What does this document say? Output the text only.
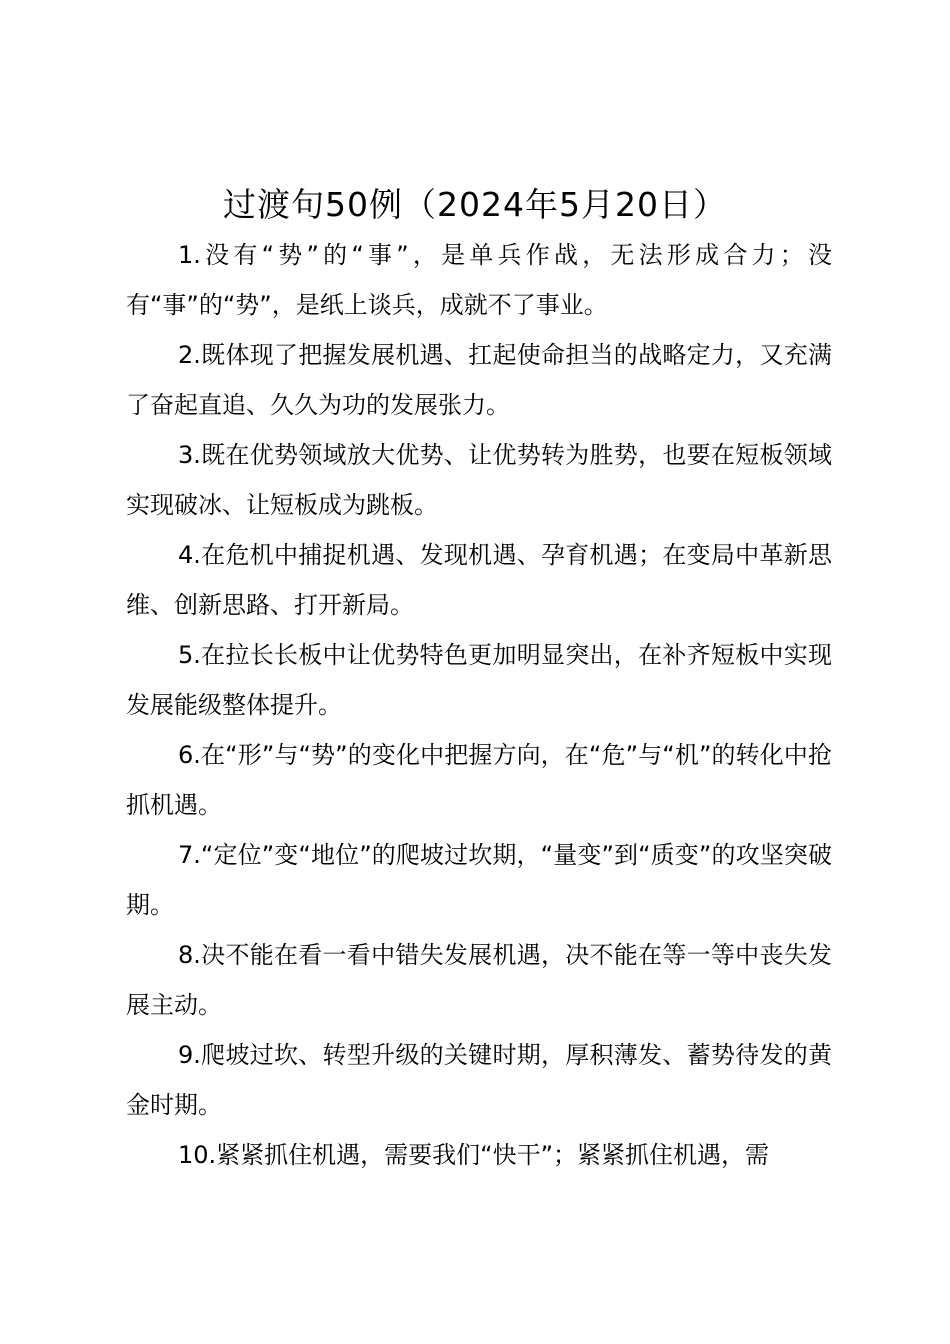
过渡句50例（2024年5月20日）

1.没有“势”的“事”，是单兵作战，无法形成合力；没有“事”的“势”，是纸上谈兵，成就不了事业。

2.既体现了把握发展机遇、扛起使命担当的战略定力，又充满了奋起直追、久久为功的发展张力。

3.既在优势领域放大优势、让优势转为胜势，也要在短板领域实现破冰、让短板成为跳板。

4.在危机中捕捉机遇、发现机遇、孕育机遇；在变局中革新思维、创新思路、打开新局。

5.在拉长长板中让优势特色更加明显突出，在补齐短板中实现发展能级整体提升。

6.在“形”与“势”的变化中把握方向，在“危”与“机”的转化中抢抓机遇。

7.“定位”变“地位”的爬坡过坎期，“量变”到“质变”的攻坚突破期。

8.决不能在看一看中错失发展机遇，决不能在等一等中丧失发展主动。

9.爬坡过坎、转型升级的关键时期，厚积薄发、蓄势待发的黄金时期。

10.紧紧抓住机遇，需要我们“快干”；紧紧抓住机遇，需
